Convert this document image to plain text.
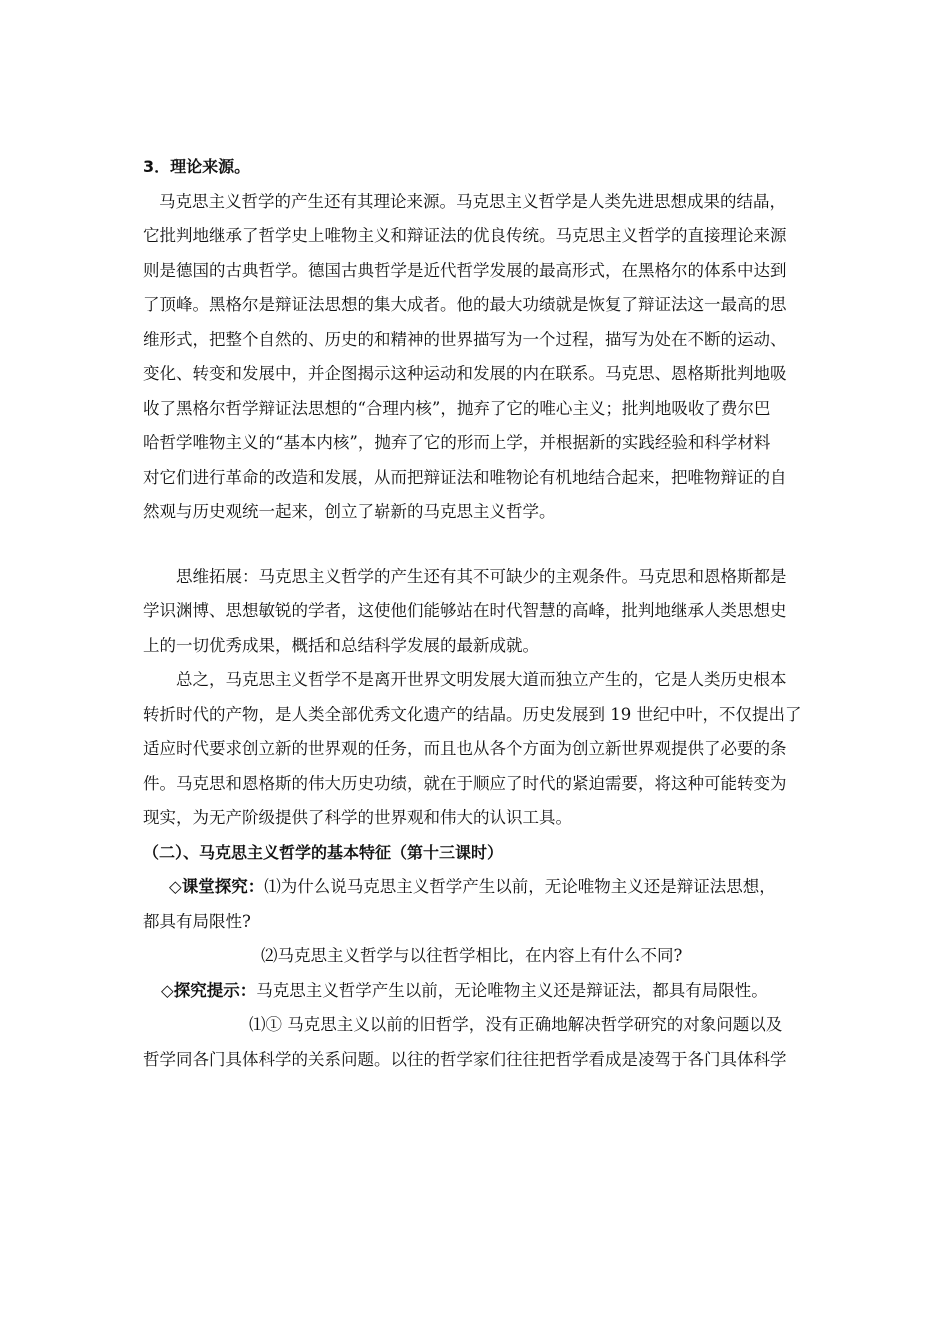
3．理论来源。
马克思主义哲学的产生还有其理论来源。马克思主义哲学是人类先进思想成果的结晶，
它批判地继承了哲学史上唯物主义和辩证法的优良传统。马克思主义哲学的直接理论来源
则是德国的古典哲学。德国古典哲学是近代哲学发展的最高形式，在黑格尔的体系中达到
了顶峰。黑格尔是辩证法思想的集大成者。他的最大功绩就是恢复了辩证法这一最高的思
维形式，把整个自然的、历史的和精神的世界描写为一个过程，描写为处在不断的运动、
变化、转变和发展中，并企图揭示这种运动和发展的内在联系。马克思、恩格斯批判地吸
收了黑格尔哲学辩证法思想的“合理内核”，抛弃了它的唯心主义；批判地吸收了费尔巴
哈哲学唯物主义的“基本内核”，抛弃了它的形而上学，并根据新的实践经验和科学材料
对它们进行革命的改造和发展，从而把辩证法和唯物论有机地结合起来，把唯物辩证的自
然观与历史观统一起来，创立了崭新的马克思主义哲学。
思维拓展：马克思主义哲学的产生还有其不可缺少的主观条件。马克思和恩格斯都是
学识渊博、思想敏锐的学者，这使他们能够站在时代智慧的高峰，批判地继承人类思想史
上的一切优秀成果，概括和总结科学发展的最新成就。
总之，马克思主义哲学不是离开世界文明发展大道而独立产生的，它是人类历史根本
转折时代的产物，是人类全部优秀文化遗产的结晶。历史发展到 19 世纪中叶，不仅提出了
适应时代要求创立新的世界观的任务，而且也从各个方面为创立新世界观提供了必要的条
件。马克思和恩格斯的伟大历史功绩，就在于顺应了时代的紧迫需要，将这种可能转变为
现实，为无产阶级提供了科学的世界观和伟大的认识工具。
（二）、马克思主义哲学的基本特征（第十三课时）
◇课堂探究：⑴为什么说马克思主义哲学产生以前，无论唯物主义还是辩证法思想，
都具有局限性?
⑵马克思主义哲学与以往哲学相比，在内容上有什么不同?
◇探究提示：马克思主义哲学产生以前，无论唯物主义还是辩证法，都具有局限性。
⑴① 马克思主义以前的旧哲学，没有正确地解决哲学研究的对象问题以及
哲学同各门具体科学的关系问题。以往的哲学家们往往把哲学看成是凌驾于各门具体科学
